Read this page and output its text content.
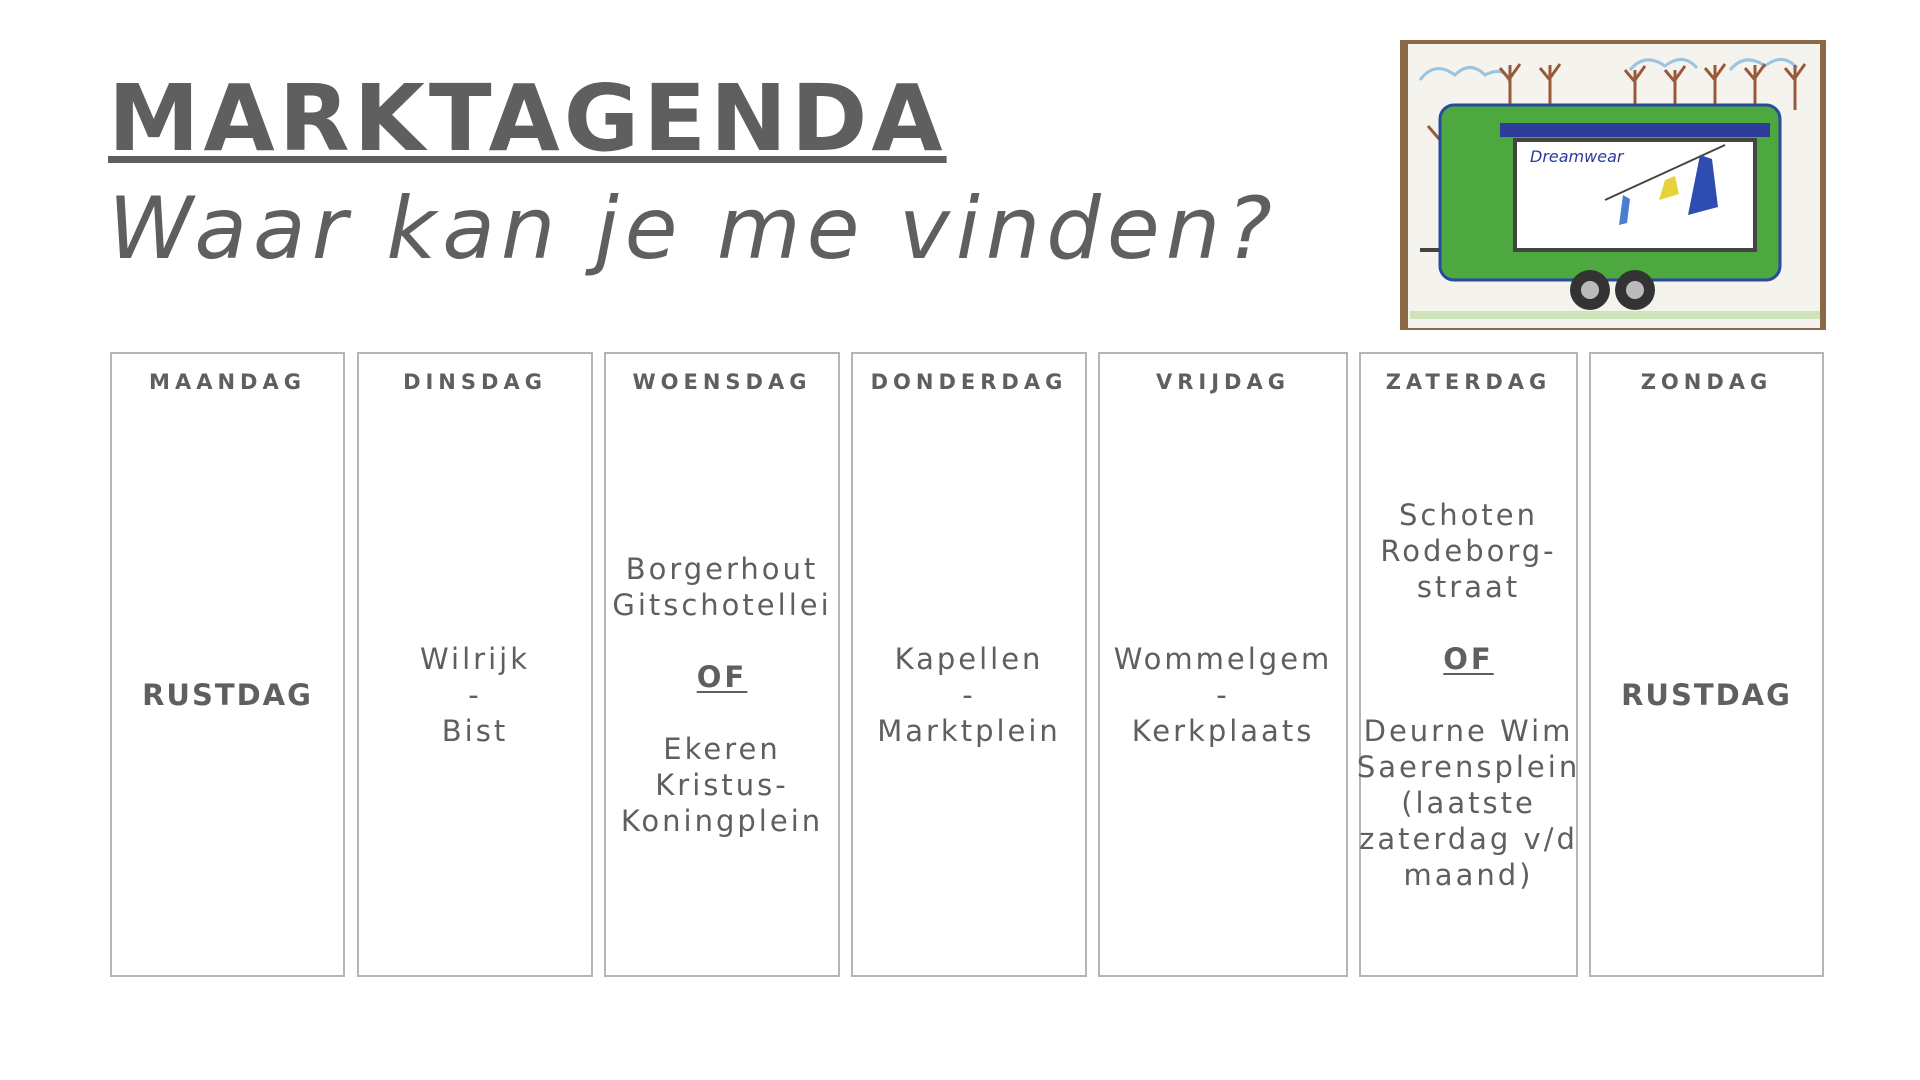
MARKTAGENDA
Waar kan je me vinden?
Dreamwear
MAANDAG
RUSTDAG
DINSDAG
Wilrijk
-
Bist
WOENSDAG
Borgerhout
Gitschotellei
OF
Ekeren
Kristus-
Koningplein
DONDERDAG
Kapellen
-
Marktplein
VRIJDAG
Wommelgem
-
Kerkplaats
ZATERDAG
Schoten
Rodeborg-
straat
OF
Deurne Wim
Saerensplein
(laatste
zaterdag v/d
maand)
ZONDAG
RUSTDAG
